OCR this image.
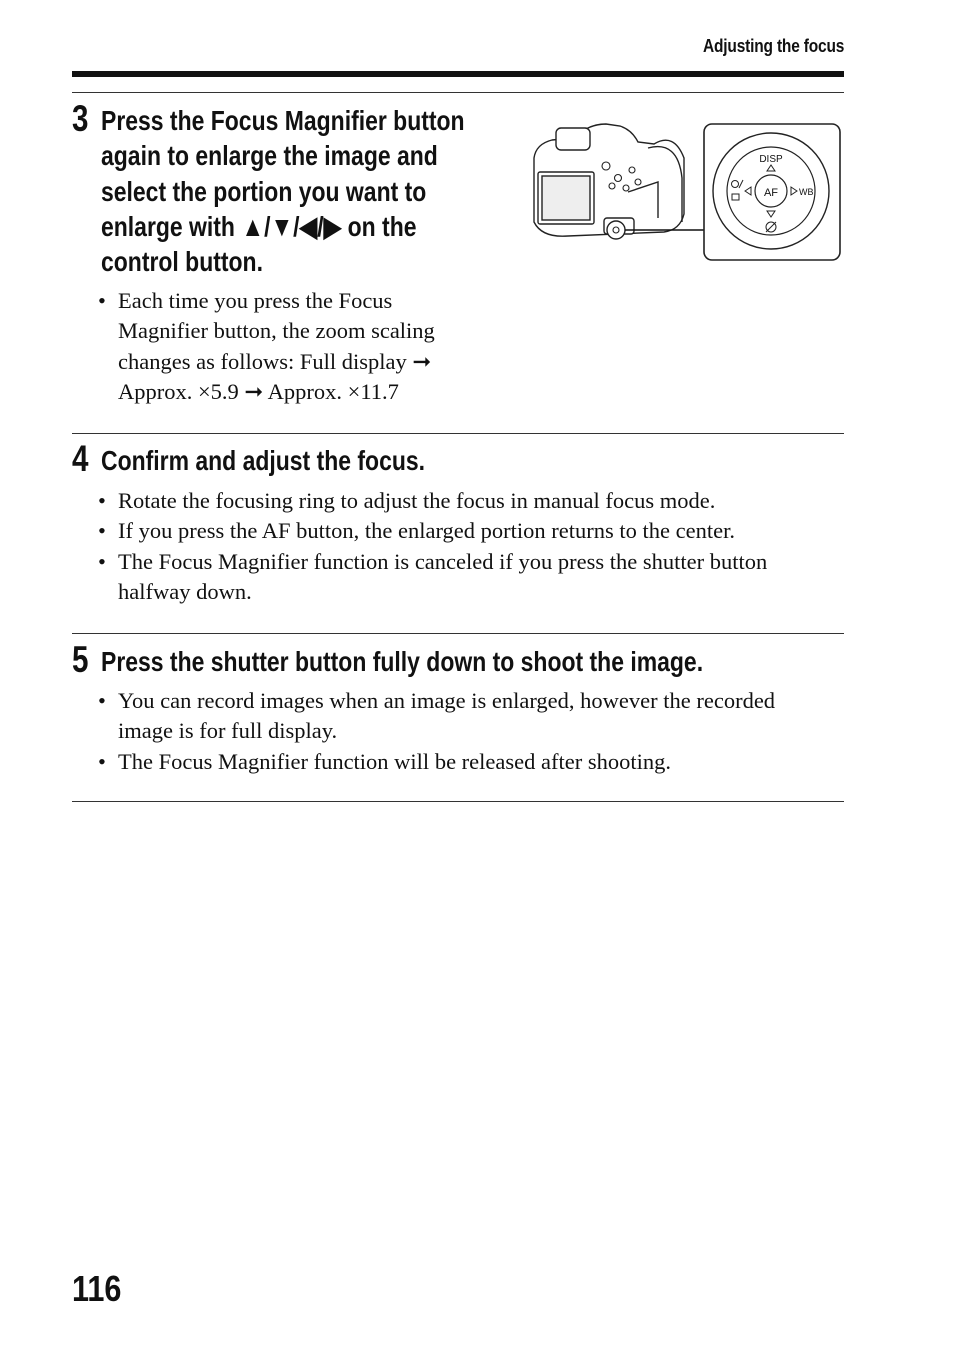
Adjusting the focus
3 Press the Focus Magnifier button
again to enlarge the image and
select the portion you want to
enlarge with ▲/▼/◀/▶ on the
control button.
• Each time you press the Focus
Magnifier button, the zoom scaling
changes as follows: Full display ➞
Approx. ×5.9 ➞ Approx. ×11.7
DISP
AF WB
4 Confirm and adjust the focus.
• Rotate the focusing ring to adjust the focus in manual focus mode.
• If you press the AF button, the enlarged portion returns to the center.
• The Focus Magnifier function is canceled if you press the shutter button
halfway down.
5 Press the shutter button fully down to shoot the image.
• You can record images when an image is enlarged, however the recorded
image is for full display.
• The Focus Magnifier function will be released after shooting.
116
